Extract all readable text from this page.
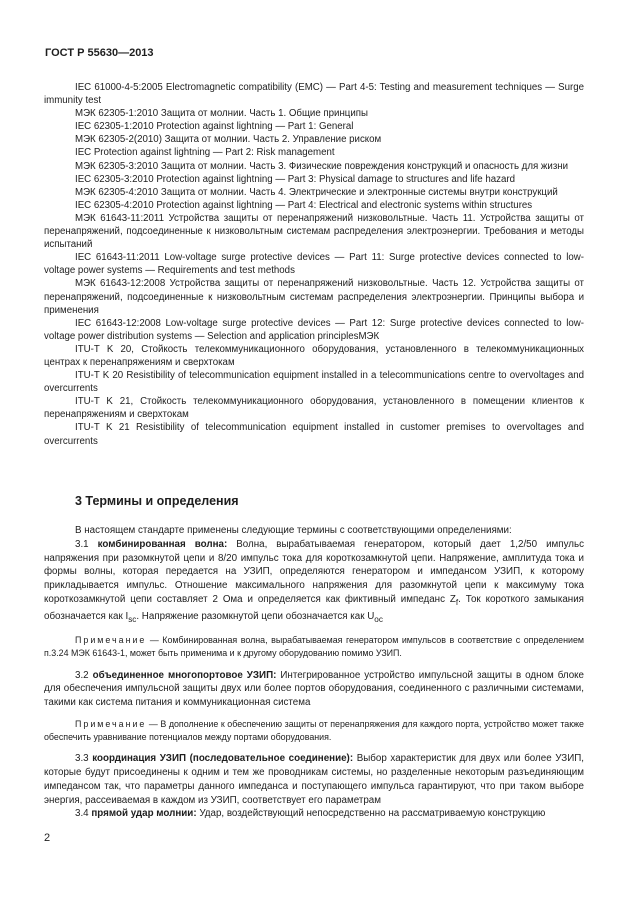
ГОСТ Р 55630—2013

IEC 61000-4-5:2005 Electromagnetic compatibility (EMC) — Part 4-5: Testing and measurement techniques — Surge immunity test

МЭК 62305-1:2010 Защита от молнии. Часть 1. Общие принципы

IEC 62305-1:2010 Protection against lightning — Part 1: General

МЭК 62305-2(2010) Защита от молнии. Часть 2. Управление риском

IEC Protection against lightning — Part 2: Risk management

МЭК 62305-3:2010 Защита от молнии. Часть 3. Физические повреждения конструкций и опасность для жизни

IEC 62305-3:2010 Protection against lightning — Part 3: Physical damage to structures and life hazard

МЭК 62305-4:2010 Защита от молнии. Часть 4. Электрические и электронные системы внутри конструкций

IEC 62305-4:2010 Protection against lightning — Part 4: Electrical and electronic systems within structures

МЭК 61643-11:2011 Устройства защиты от перенапряжений низковольтные. Часть 11. Устройства защиты от перенапряжений, подсоединенные к низковольтным системам распределения электроэнергии. Требования и методы испытаний

IEC 61643-11:2011 Low-voltage surge protective devices — Part 11: Surge protective devices connected to low-voltage power systems — Requirements and test methods

МЭК 61643-12:2008 Устройства защиты от перенапряжений низковольтные. Часть 12. Устройства защиты от перенапряжений, подсоединенные к низковольтным системам распределения электроэнергии. Принципы выбора и применения

IEC 61643-12:2008 Low-voltage surge protective devices — Part 12: Surge protective devices connected to low-voltage power distribution systems — Selection and application principlesМЭК

ITU-T K 20, Стойкость телекоммуникационного оборудования, установленного в телекоммуникационных центрах к перенапряжениям и сверхтокам

ITU-T K 20 Resistibility of telecommunication equipment installed in a telecommunications centre to overvoltages and overcurrents

ITU-T K 21, Стойкость телекоммуникационного оборудования, установленного в помещении клиентов к перенапряжениям и сверхтокам

ITU-T K 21 Resistibility of telecommunication equipment installed in customer premises to overvoltages and overcurrents

3 Термины и определения

В настоящем стандарте применены следующие термины с соответствующими определениями:

3.1 комбинированная волна: Волна, вырабатываемая генератором, который дает 1,2/50 импульс напряжения при разомкнутой цепи и 8/20 импульс тока для короткозамкнутой цепи. Напряжение, амплитуда тока и формы волны, которая передается на УЗИП, определяются генератором и импедансом УЗИП, к которому прикладывается импульс. Отношение максимального напряжения для разомкнутой цепи к максимуму тока короткозамкнутой цепи составляет 2 Ома и определяется как фиктивный импеданс $Z_f$. Ток короткого замыкания обозначается как $I_{sc}$. Напряжение разомкнутой цепи обозначается как $U_{oc}$

Примечание — Комбинированная волна, вырабатываемая генератором импульсов в соответствие с определением п.3.24 МЭК 61643-1, может быть применима и к другому оборудованию помимо УЗИП.

3.2 объединенное многопортовое УЗИП: Интегрированное устройство импульсной защиты в одном блоке для обеспечения импульсной защиты двух или более портов оборудования, соединенного с различными системами, такими как система питания и коммуникационная система

Примечание — В дополнение к обеспечению защиты от перенапряжения для каждого порта, устройство может также обеспечить уравнивание потенциалов между портами оборудования.

3.3 координация УЗИП (последовательное соединение): Выбор характеристик для двух или более УЗИП, которые будут присоединены к одним и тем же проводникам системы, но разделенные некоторым разъединяющим импедансом так, что параметры данного импеданса и поступающего импульса гарантируют, что при таком выборе энергия, рассеиваемая в каждом из УЗИП, соответствует его параметрам

3.4 прямой удар молнии: Удар, воздействующий непосредственно на рассматриваемую конструкцию

2
